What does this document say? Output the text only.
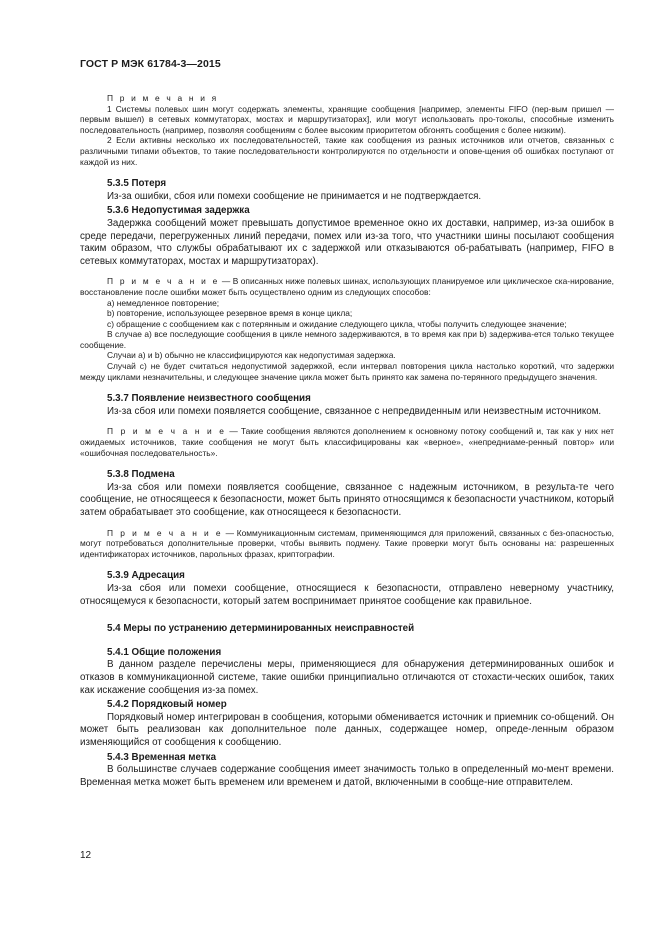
ГОСТ Р МЭК 61784-3—2015
П р и м е ч а н и я
1 Системы полевых шин могут содержать элементы, хранящие сообщения [например, элементы FIFO (пер-вым пришел — первым вышел) в сетевых коммутаторах, мостах и маршрутизаторах], или могут использовать про-токолы, способные изменить последовательность (например, позволяя сообщениям с более высоким приоритетом обгонять сообщения с более низким).
2 Если активны несколько их последовательностей, такие как сообщения из разных источников или отчетов, связанных с различными типами объектов, то такие последовательности контролируются по отдельности и опове-щения об ошибках поступают от каждой из них.
5.3.5 Потеря
Из-за ошибки, сбоя или помехи сообщение не принимается и не подтверждается.
5.3.6 Недопустимая задержка
Задержка сообщений может превышать допустимое временное окно их доставки, например, из-за ошибок в среде передачи, перегруженных линий передачи, помех или из-за того, что участники шины посылают сообщения таким образом, что службы обрабатывают их с задержкой или отказываются об-рабатывать (например, FIFO в сетевых коммутаторах, мостах и маршрутизаторах).
П р и м е ч а н и е — В описанных ниже полевых шинах, использующих планируемое или циклическое ска-нирование, восстановление после ошибки может быть осуществлено одним из следующих способов:
а) немедленное повторение;
b) повторение, использующее резервное время в конце цикла;
с) обращение с сообщением как с потерянным и ожидание следующего цикла, чтобы получить следующее значение;
В случае а) все последующие сообщения в цикле немного задерживаются, в то время как при b) задержива-ется только текущее сообщение.
Случаи а) и b) обычно не классифицируются как недопустимая задержка.
Случай с) не будет считаться недопустимой задержкой, если интервал повторения цикла настолько короткий, что задержки между циклами незначительны, и следующее значение цикла может быть принято как замена по-терянного предыдущего значения.
5.3.7 Появление неизвестного сообщения
Из-за сбоя или помехи появляется сообщение, связанное с непредвиденным или неизвестным источником.
П р и м е ч а н и е — Такие сообщения являются дополнением к основному потоку сообщений и, так как у них нет ожидаемых источников, такие сообщения не могут быть классифицированы как «верное», «непредниаме-ренный повтор» или «ошибочная последовательность».
5.3.8 Подмена
Из-за сбоя или помехи появляется сообщение, связанное с надежным источником, в результа-те чего сообщение, не относящееся к безопасности, может быть принято относящимся к безопасности участником, который затем обрабатывает это сообщение, как относящееся к безопасности.
П р и м е ч а н и е — Коммуникационным системам, применяющимся для приложений, связанных с без-опасностью, могут потребоваться дополнительные проверки, чтобы выявить подмену. Такие проверки могут быть основаны на: разрешенных идентификаторах источников, парольных фразах, криптографии.
5.3.9 Адресация
Из-за сбоя или помехи сообщение, относящиеся к безопасности, отправлено неверному участнику, относящемуся к безопасности, который затем воспринимает принятое сообщение как правильное.
5.4 Меры по устранению детерминированных неисправностей
5.4.1 Общие положения
В данном разделе перечислены меры, применяющиеся для обнаружения детерминированных ошибок и отказов в коммуникационной системе, такие ошибки принципиально отличаются от стохасти-ческих ошибок, таких как искажение сообщения из-за помех.
5.4.2 Порядковый номер
Порядковый номер интегрирован в сообщения, которыми обменивается источник и приемник со-общений. Он может быть реализован как дополнительное поле данных, содержащее номер, опреде-ленным образом изменяющийся от сообщения к сообщению.
5.4.3 Временная метка
В большинстве случаев содержание сообщения имеет значимость только в определенный мо-мент времени. Временная метка может быть временем или временем и датой, включенными в сообще-ние отправителем.
12
